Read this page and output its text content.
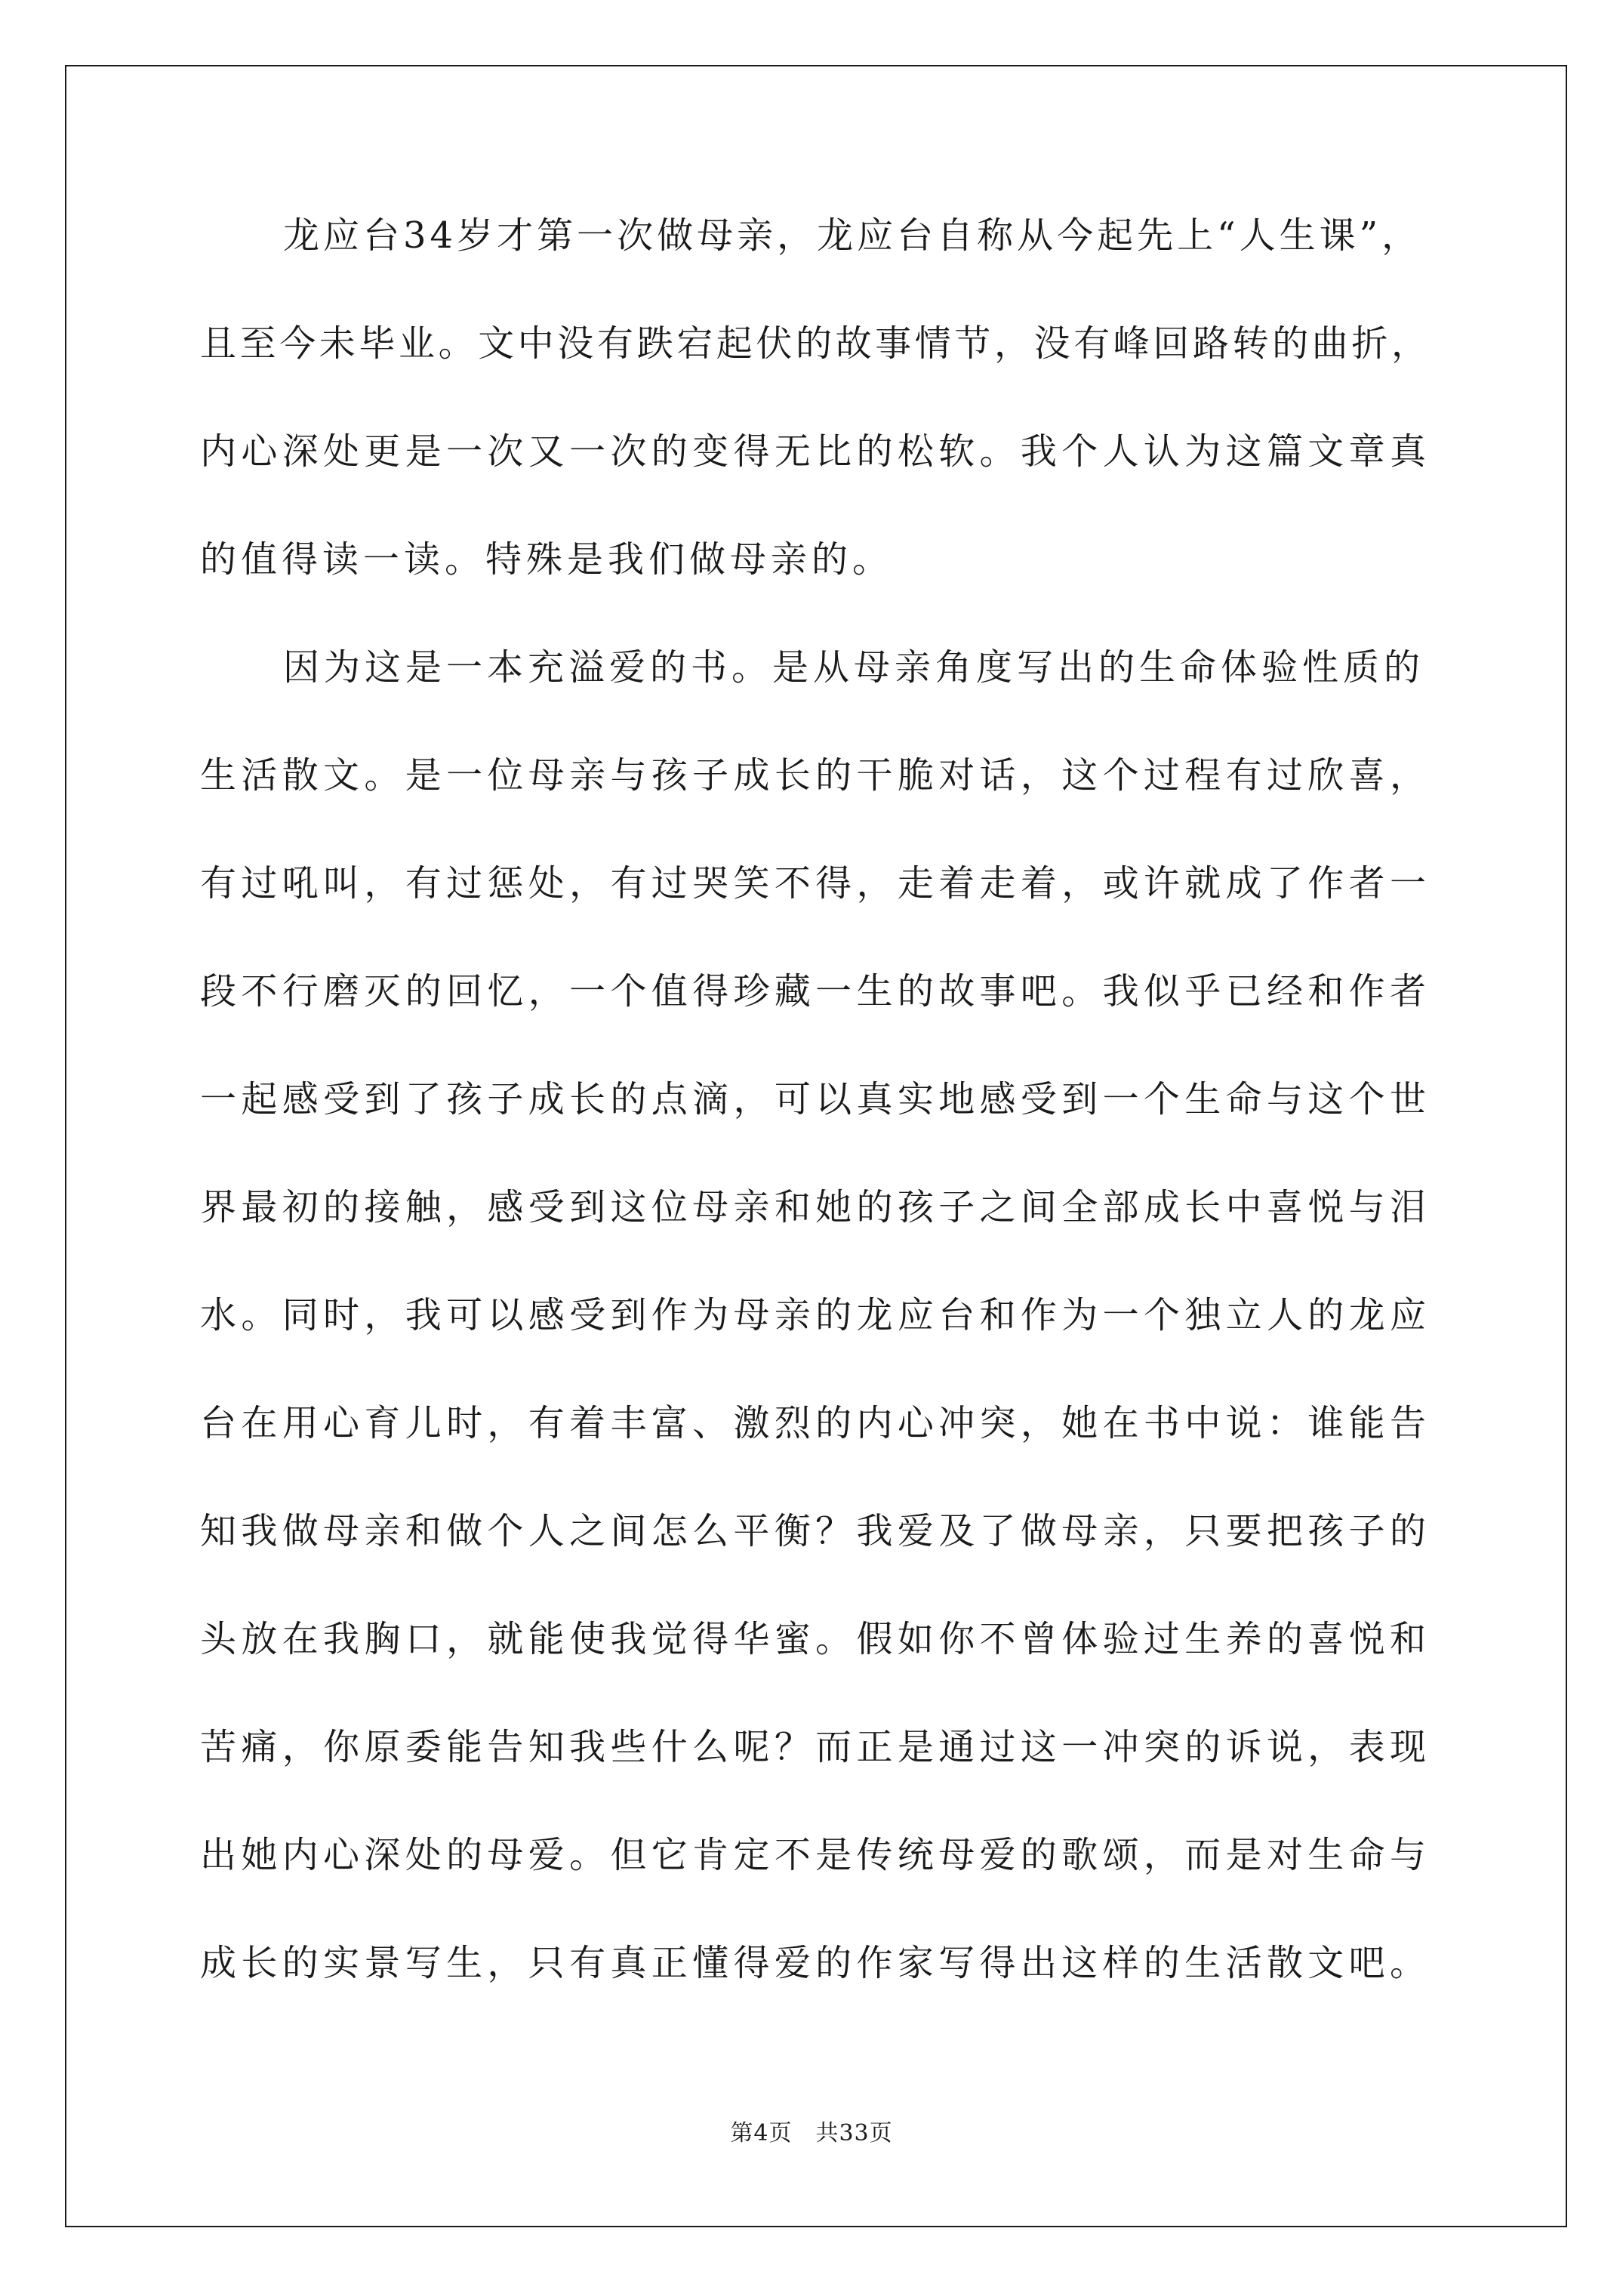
龙应台34岁才第一次做母亲，龙应台自称从今起先上“人生课”，
且至今未毕业。文中没有跌宕起伏的故事情节，没有峰回路转的曲折，
内心深处更是一次又一次的变得无比的松软。我个人认为这篇文章真
的值得读一读。特殊是我们做母亲的。
因为这是一本充溢爱的书。是从母亲角度写出的生命体验性质的
生活散文。是一位母亲与孩子成长的干脆对话，这个过程有过欣喜，
有过吼叫，有过惩处，有过哭笑不得，走着走着，或许就成了作者一
段不行磨灭的回忆，一个值得珍藏一生的故事吧。我似乎已经和作者
一起感受到了孩子成长的点滴，可以真实地感受到一个生命与这个世
界最初的接触，感受到这位母亲和她的孩子之间全部成长中喜悦与泪
水。同时，我可以感受到作为母亲的龙应台和作为一个独立人的龙应
台在用心育儿时，有着丰富、激烈的内心冲突，她在书中说：谁能告
知我做母亲和做个人之间怎么平衡？我爱及了做母亲，只要把孩子的
头放在我胸口，就能使我觉得华蜜。假如你不曾体验过生养的喜悦和
苦痛，你原委能告知我些什么呢？而正是通过这一冲突的诉说，表现
出她内心深处的母爱。但它肯定不是传统母爱的歌颂，而是对生命与
成长的实景写生，只有真正懂得爱的作家写得出这样的生活散文吧。
第4页　共33页
